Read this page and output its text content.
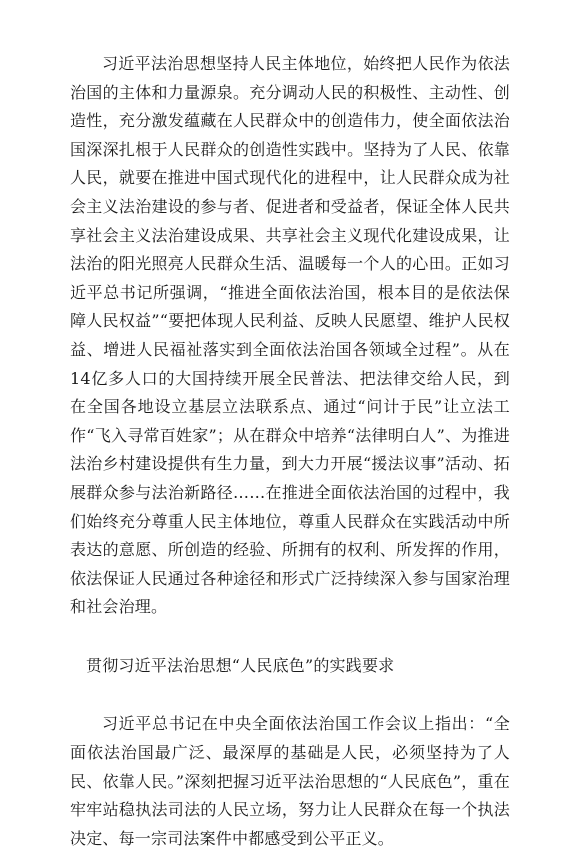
习近平法治思想坚持人民主体地位，始终把人民作为依法治国的主体和力量源泉。充分调动人民的积极性、主动性、创造性，充分激发蕴藏在人民群众中的创造伟力，使全面依法治国深深扎根于人民群众的创造性实践中。坚持为了人民、依靠人民，就要在推进中国式现代化的进程中，让人民群众成为社会主义法治建设的参与者、促进者和受益者，保证全体人民共享社会主义法治建设成果、共享社会主义现代化建设成果，让法治的阳光照亮人民群众生活、温暖每一个人的心田。正如习近平总书记所强调，“推进全面依法治国，根本目的是依法保障人民权益”“要把体现人民利益、反映人民愿望、维护人民权益、增进人民福祉落实到全面依法治国各领域全过程”。从在14亿多人口的大国持续开展全民普法、把法律交给人民，到在全国各地设立基层立法联系点、通过“问计于民”让立法工作“飞入寻常百姓家”；从在群众中培养“法律明白人”、为推进法治乡村建设提供有生力量，到大力开展“援法议事”活动、拓展群众参与法治新路径……在推进全面依法治国的过程中，我们始终充分尊重人民主体地位，尊重人民群众在实践活动中所表达的意愿、所创造的经验、所拥有的权利、所发挥的作用，依法保证人民通过各种途径和形式广泛持续深入参与国家治理和社会治理。

贯彻习近平法治思想“人民底色”的实践要求

习近平总书记在中央全面依法治国工作会议上指出：“全面依法治国最广泛、最深厚的基础是人民，必须坚持为了人民、依靠人民。”深刻把握习近平法治思想的“人民底色”，重在牢牢站稳执法司法的人民立场，努力让人民群众在每一个执法决定、每一宗司法案件中都感受到公平正义。
